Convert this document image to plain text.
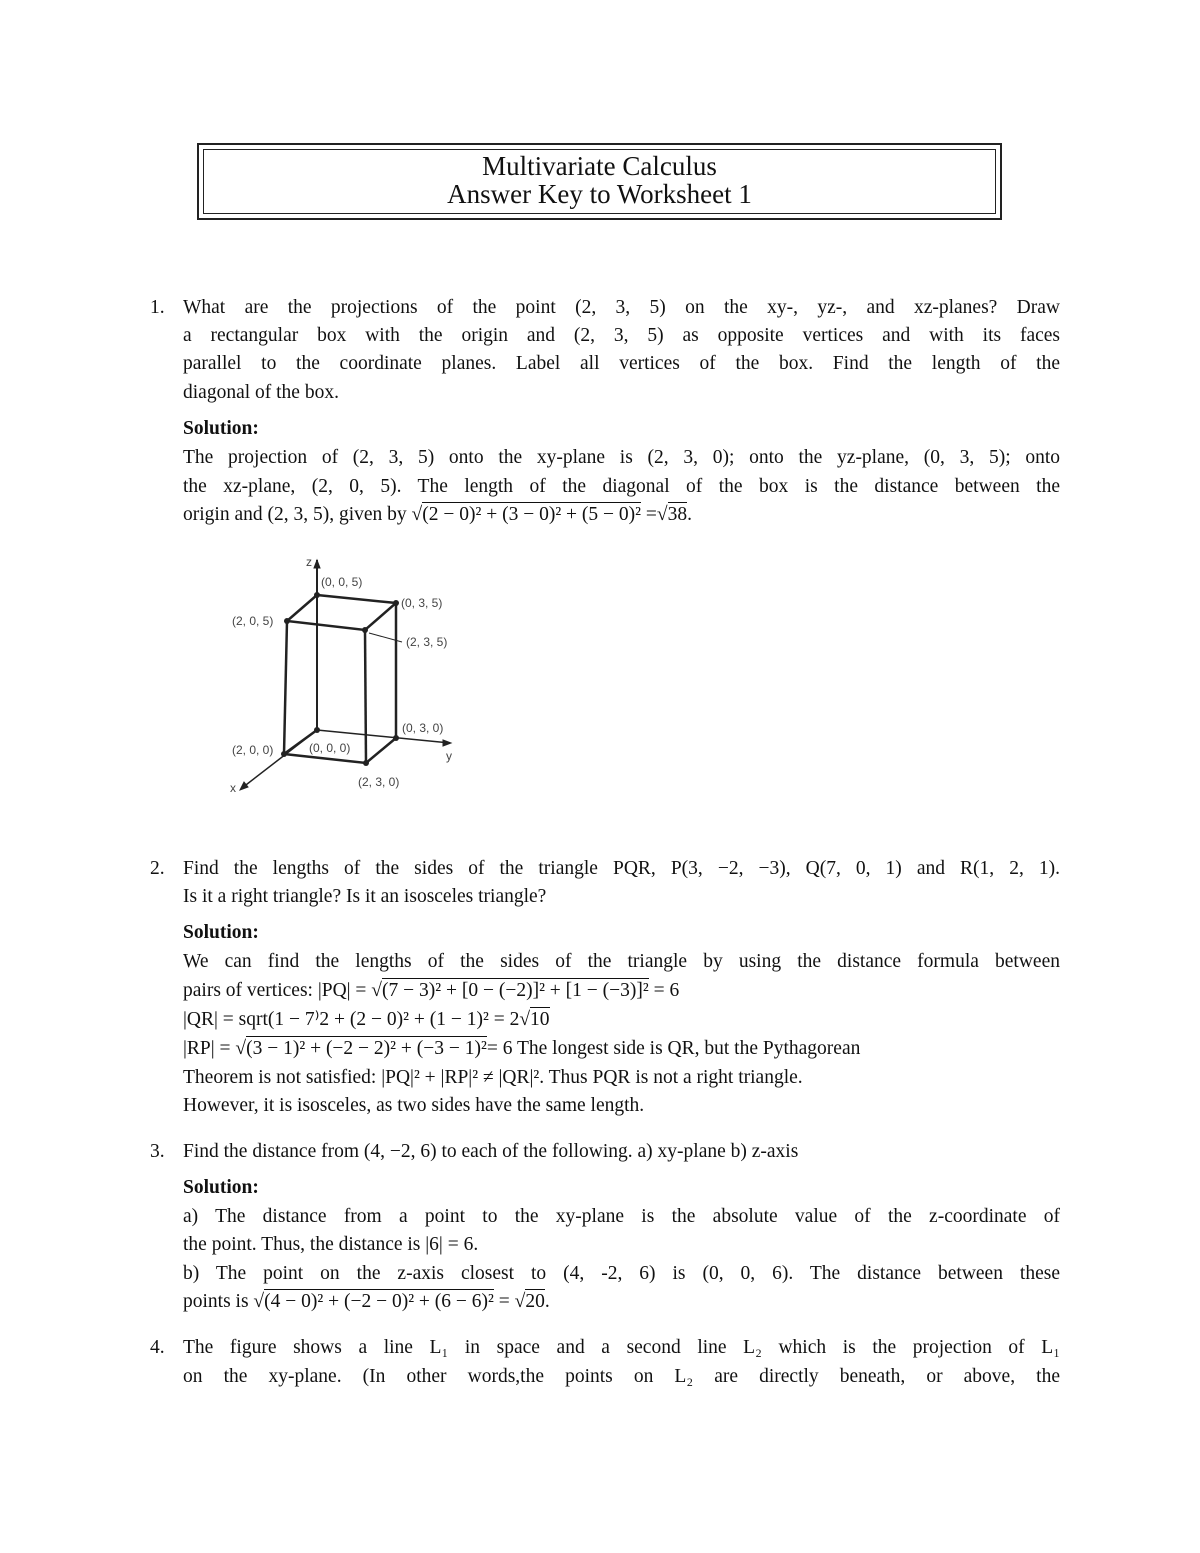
Multivariate Calculus
Answer Key to Worksheet 1
1. What are the projections of the point (2, 3, 5) on the xy-, yz-, and xz-planes? Draw
a rectangular box with the origin and (2, 3, 5) as opposite vertices and with its faces
parallel to the coordinate planes. Label all vertices of the box. Find the length of the
diagonal of the box.
Solution:
The projection of (2, 3, 5) onto the xy-plane is (2, 3, 0); onto the yz-plane, (0, 3, 5); onto
the xz-plane, (2, 0, 5). The length of the diagonal of the box is the distance between the
origin and (2, 3, 5), given by √(2 − 0)² + (3 − 0)² + (5 − 0)² =√38.
z
y
x
(0, 0, 5)
(0, 3, 5)
(2, 0, 5)
(2, 3, 5)
(0, 3, 0)
(2, 0, 0)	(0, 0, 0)
(2, 3, 0)
2. Find the lengths of the sides of the triangle PQR, P(3, −2, −3), Q(7, 0, 1) and R(1, 2, 1).
Is it a right triangle? Is it an isosceles triangle?
Solution:
We can find the lengths of the sides of the triangle by using the distance formula between
pairs of vertices: |PQ| = √(7 − 3)² + [0 − (−2)]² + [1 − (−3)]² = 6
|QR| = sqrt(1 − 7⁾2 + (2 − 0)² + (1 − 1)² = 2√10
|RP| = √(3 − 1)² + (−2 − 2)² + (−3 − 1)²= 6 The longest side is QR, but the Pythagorean
Theorem is not satisfied: |PQ|² + |RP|² ≠ |QR|². Thus PQR is not a right triangle.
However, it is isosceles, as two sides have the same length.
3. Find the distance from (4, −2, 6) to each of the following. a) xy-plane b) z-axis
Solution:
a) The distance from a point to the xy-plane is the absolute value of the z-coordinate of
the point. Thus, the distance is |6| = 6.
b) The point on the z-axis closest to (4, -2, 6) is (0, 0, 6). The distance between these
points is √(4 − 0)² + (−2 − 0)² + (6 − 6)² = √20.
4. The figure shows a line L₁ in space and a second line L₂ which is the projection of L₁
on the xy-plane. (In other words,the points on L₂ are directly beneath, or above, the
